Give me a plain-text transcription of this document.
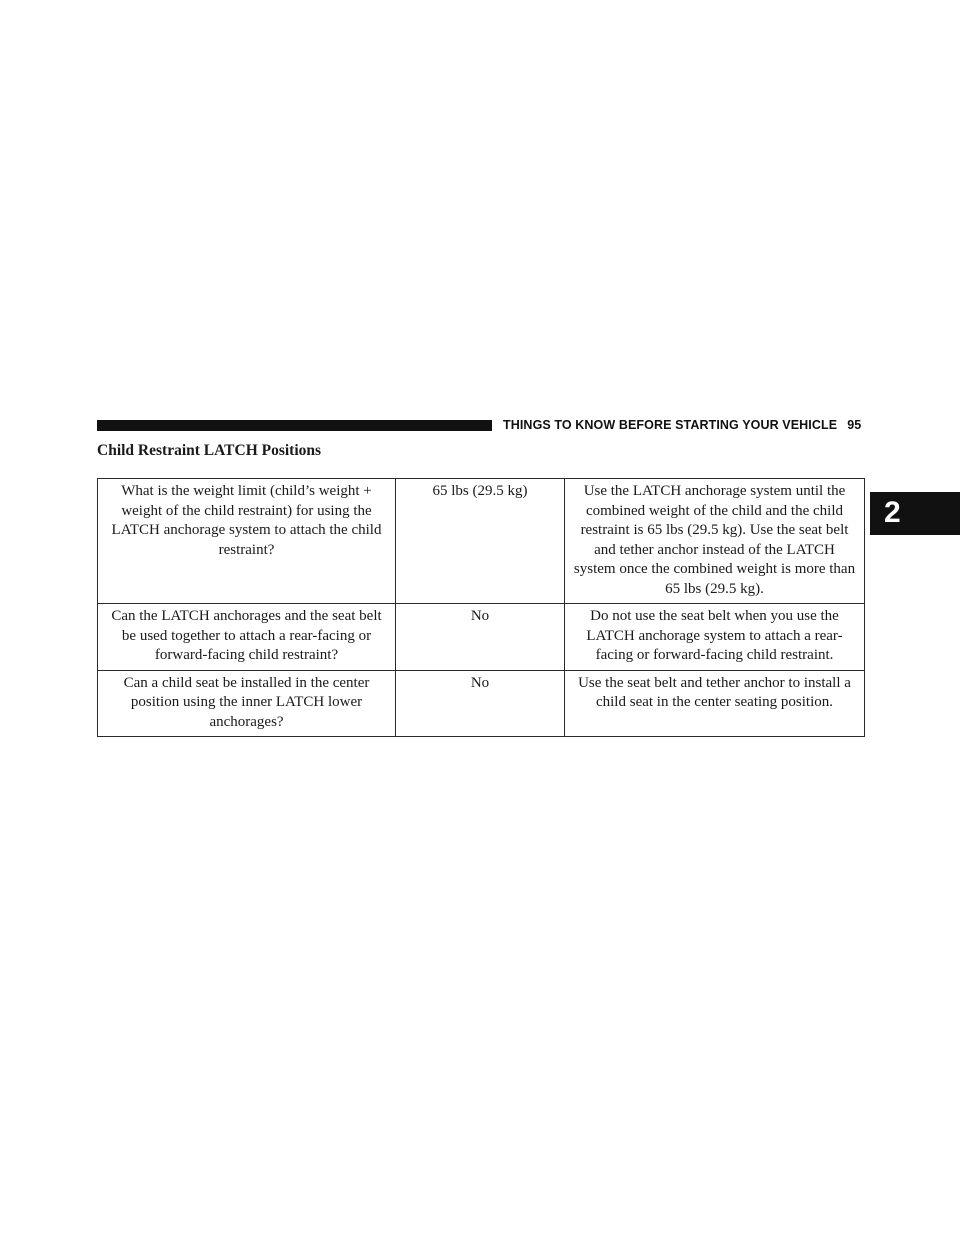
THINGS TO KNOW BEFORE STARTING YOUR VEHICLE 95
Child Restraint LATCH Positions
2
What is the weight limit (child’s weight + weight of the child restraint) for using the LATCH anchorage system to attach the child restraint?	65 lbs (29.5 kg)	Use the LATCH anchorage system until the combined weight of the child and the child restraint is 65 lbs (29.5 kg). Use the seat belt and tether anchor instead of the LATCH system once the combined weight is more than 65 lbs (29.5 kg).
Can the LATCH anchorages and the seat belt be used together to attach a rear-facing or forward-facing child restraint?	No	Do not use the seat belt when you use the LATCH anchorage system to attach a rear-facing or forward-facing child restraint.
Can a child seat be installed in the center position using the inner LATCH lower anchorages?	No	Use the seat belt and tether anchor to install a child seat in the center seating position.
